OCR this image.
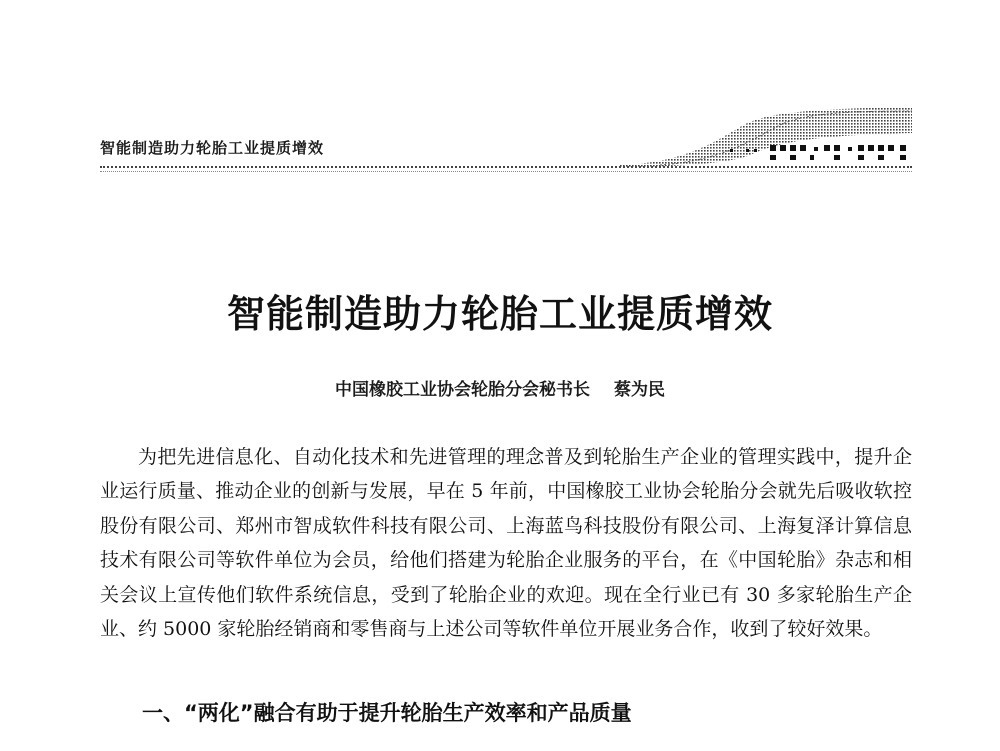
智能制造助力轮胎工业提质增效
智能制造助力轮胎工业提质增效
中国橡胶工业协会轮胎分会秘书长 蔡为民

为把先进信息化、自动化技术和先进管理的理念普及到轮胎生产企业的管理实践中，提升企业运行质量、推动企业的创新与发展，早在 5 年前，中国橡胶工业协会轮胎分会就先后吸收软控股份有限公司、郑州市智成软件科技有限公司、上海蓝鸟科技股份有限公司、上海复泽计算信息技术有限公司等软件单位为会员，给他们搭建为轮胎企业服务的平台，在《中国轮胎》杂志和相关会议上宣传他们软件系统信息，受到了轮胎企业的欢迎。现在全行业已有 30 多家轮胎生产企业、约 5000 家轮胎经销商和零售商与上述公司等软件单位开展业务合作，收到了较好效果。

一、“两化”融合有助于提升轮胎生产效率和产品质量
